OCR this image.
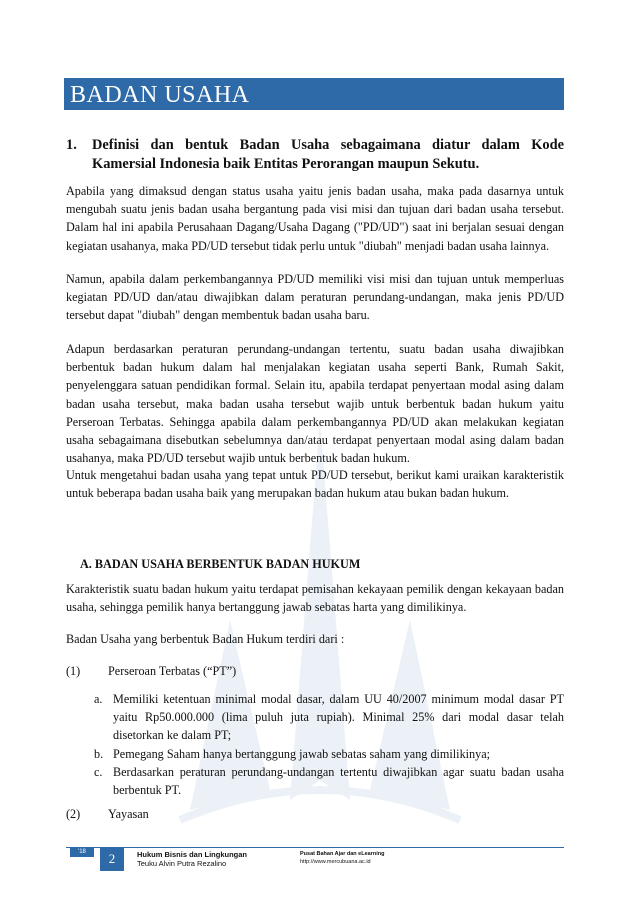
BADAN USAHA
1.	Definisi dan bentuk Badan Usaha sebagaimana diatur dalam Kode Kamersial Indonesia baik Entitas Perorangan maupun Sekutu.

Apabila yang dimaksud dengan status usaha yaitu jenis badan usaha, maka pada dasarnya untuk mengubah suatu jenis badan usaha bergantung pada visi misi dan tujuan dari badan usaha tersebut. Dalam hal ini apabila Perusahaan Dagang/Usaha Dagang ("PD/UD") saat ini berjalan sesuai dengan kegiatan usahanya, maka PD/UD tersebut tidak perlu untuk "diubah" menjadi badan usaha lainnya.

Namun, apabila dalam perkembangannya PD/UD memiliki visi misi dan tujuan untuk memperluas kegiatan PD/UD dan/atau diwajibkan dalam peraturan perundang-undangan, maka jenis PD/UD tersebut dapat "diubah" dengan membentuk badan usaha baru.

Adapun berdasarkan peraturan perundang-undangan tertentu, suatu badan usaha diwajibkan berbentuk badan hukum dalam hal menjalakan kegiatan usaha seperti Bank, Rumah Sakit, penyelenggara satuan pendidikan formal. Selain itu, apabila terdapat penyertaan modal asing dalam badan usaha tersebut, maka badan usaha tersebut wajib untuk berbentuk badan hukum yaitu Perseroan Terbatas. Sehingga apabila dalam perkembangannya PD/UD akan melakukan kegiatan usaha sebagaimana disebutkan sebelumnya dan/atau terdapat penyertaan modal asing dalam badan usahanya, maka PD/UD tersebut wajib untuk berbentuk badan hukum.

Untuk mengetahui badan usaha yang tepat untuk PD/UD tersebut, berikut kami uraikan karakteristik untuk beberapa badan usaha baik yang merupakan badan hukum atau bukan badan hukum.

A. BADAN USAHA BERBENTUK BADAN HUKUM

Karakteristik suatu badan hukum yaitu terdapat pemisahan kekayaan pemilik dengan kekayaan badan usaha, sehingga pemilik hanya bertanggung jawab sebatas harta yang dimilikinya.

Badan Usaha yang berbentuk Badan Hukum terdiri dari :

(1) Perseroan Terbatas (“PT”)
a. Memiliki ketentuan minimal modal dasar, dalam UU 40/2007 minimum modal dasar PT yaitu Rp50.000.000 (lima puluh juta rupiah). Minimal 25% dari modal dasar telah disetorkan ke dalam PT;
b. Pemegang Saham hanya bertanggung jawab sebatas saham yang dimilikinya;
c. Berdasarkan peraturan perundang-undangan tertentu diwajibkan agar suatu badan usaha berbentuk PT.
(2) Yayasan
'18	2	Hukum Bisnis dan Lingkungan
Teuku Alvin Putra Rezalino
Pusat Bahan Ajar dan eLearning
http://www.mercubuana.ac.id
